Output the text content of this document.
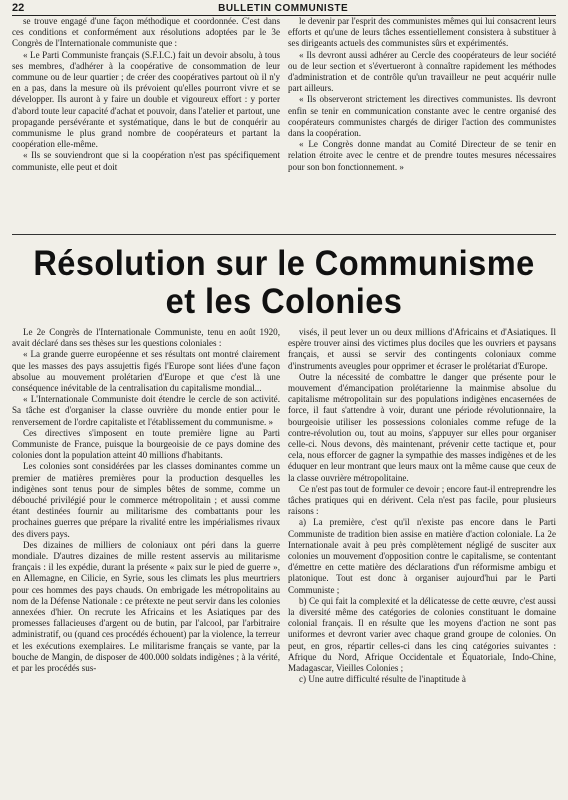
22	BULLETIN COMMUNISTE

se trouve engagé d'une façon méthodique et coordonnée. C'est dans ces conditions et conformément aux résolutions adoptées par le 3e Congrès de l'Internationale communiste que :

« Le Parti Communiste français (S.F.I.C.) fait un devoir absolu, à tous ses membres, d'adhérer à la coopérative de consommation de leur commune ou de leur quartier ; de créer des coopératives partout où il n'y en a pas, dans la mesure où ils prévoient qu'elles pourront vivre et se développer. Ils auront à y faire un double et vigoureux effort : y porter d'abord toute leur capacité d'achat et pouvoir, dans l'atelier et partout, une propagande persévérante et systématique, dans le but de conquérir au communisme le plus grand nombre de coopérateurs et partant la coopération elle-même.

« Ils se souviendront que si la coopération n'est pas spécifiquement communiste, elle peut et doit

le devenir par l'esprit des communistes mêmes qui lui consacrent leurs efforts et qu'une de leurs tâches essentiellement consistera à substituer à ses dirigeants actuels des communistes sûrs et expérimentés.

« Ils devront aussi adhérer au Cercle des coopérateurs de leur société ou de leur section et s'évertueront à connaître rapidement les méthodes d'administration et de contrôle qu'un travailleur ne peut acquérir nulle part ailleurs.

« Ils observeront strictement les directives communistes. Ils devront enfin se tenir en communication constante avec le centre organisé des coopérateurs communistes chargés de diriger l'action des communistes dans la coopération.

« Le Congrès donne mandat au Comité Directeur de se tenir en relation étroite avec le centre et de prendre toutes mesures nécessaires pour son bon fonctionnement. »

Résolution sur le Communisme
et les Colonies

Le 2e Congrès de l'Internationale Communiste, tenu en août 1920, avait déclaré dans ses thèses sur les questions coloniales :

« La grande guerre européenne et ses résultats ont montré clairement que les masses des pays assujettis figés l'Europe sont liées d'une façon absolue au mouvement prolétarien d'Europe et que c'est là une conséquence inévitable de la centralisation du capitalisme mondial...

« L'Internationale Communiste doit étendre le cercle de son activité. Sa tâche est d'organiser la classe ouvrière du monde entier pour le renversement de l'ordre capitaliste et l'établissement du communisme. »

Ces directives s'imposent en toute première ligne au Parti Communiste de France, puisque la bourgeoisie de ce pays domine des colonies dont la population atteint 40 millions d'habitants.

Les colonies sont considérées par les classes dominantes comme un premier de matières premières pour la production desquelles les indigènes sont tenus pour de simples bêtes de somme, comme un débouché privilégié pour le commerce métropolitain ; et aussi comme étant destinées fournir au militarisme des combattants pour les prochaines guerres que prépare la rivalité entre les impérialismes rivaux des divers pays.

Des dizaines de milliers de coloniaux ont péri dans la guerre mondiale. D'autres dizaines de mille restent asservis au militarisme français : il les expédie, durant la présente « paix sur le pied de guerre », en Allemagne, en Cilicie, en Syrie, sous les climats les plus meurtriers pour ces hommes des pays chauds. On embrigade les métropolitains au nom de la Défense Nationale : ce prétexte ne peut servir dans les colonies annexées d'hier. On recrute les Africains et les Asiatiques par des promesses fallacieuses d'argent ou de butin, par l'alcool, par l'arbitraire administratif, ou (quand ces procédés échouent) par la violence, la terreur et les exécutions exemplaires. Le militarisme français se vante, par la bouche de Mangin, de disposer de 400.000 soldats indigènes ; à la vérité, et par les procédés sus-

visés, il peut lever un ou deux millions d'Africains et d'Asiatiques. Il espère trouver ainsi des victimes plus dociles que les ouvriers et paysans français, et aussi se servir des contingents coloniaux comme d'instruments aveugles pour opprimer et écraser le prolétariat d'Europe.

Outre la nécessité de combattre le danger que présente pour le mouvement d'émancipation prolétarienne la mainmise absolue du capitalisme métropolitain sur des populations indigènes encasernées de force, il faut s'attendre à voir, durant une période révolutionnaire, la bourgeoisie utiliser les possessions coloniales comme refuge de la contre-révolution ou, tout au moins, s'appuyer sur elles pour organiser celle-ci. Nous devons, dès maintenant, prévenir cette tactique et, pour cela, nous efforcer de gagner la sympathie des masses indigènes et de les éduquer en leur montrant que leurs maux ont la même cause que ceux de la classe ouvrière métropolitaine.

Ce n'est pas tout de formuler ce devoir ; encore faut-il entreprendre les tâches pratiques qui en dérivent. Cela n'est pas facile, pour plusieurs raisons :

a) La première, c'est qu'il n'existe pas encore dans le Parti Communiste de tradition bien assise en matière d'action coloniale. La 2e Internationale avait à peu près complètement négligé de susciter aux colonies un mouvement d'opposition contre le capitalisme, se contentant d'émettre en cette matière des déclarations d'un réformisme ambigu et platonique. Tout est donc à organiser aujourd'hui par le Parti Communiste ;

b) Ce qui fait la complexité et la délicatesse de cette œuvre, c'est aussi la diversité même des catégories de colonies constituant le domaine colonial français. Il en résulte que les moyens d'action ne sont pas uniformes et devront varier avec chaque grand groupe de colonies. On peut, en gros, répartir celles-ci dans les cinq catégories suivantes : Afrique du Nord, Afrique Occidentale et Équatoriale, Indo-Chine, Madagascar, Vieilles Colonies ;

c) Une autre difficulté résulte de l'inaptitude à
